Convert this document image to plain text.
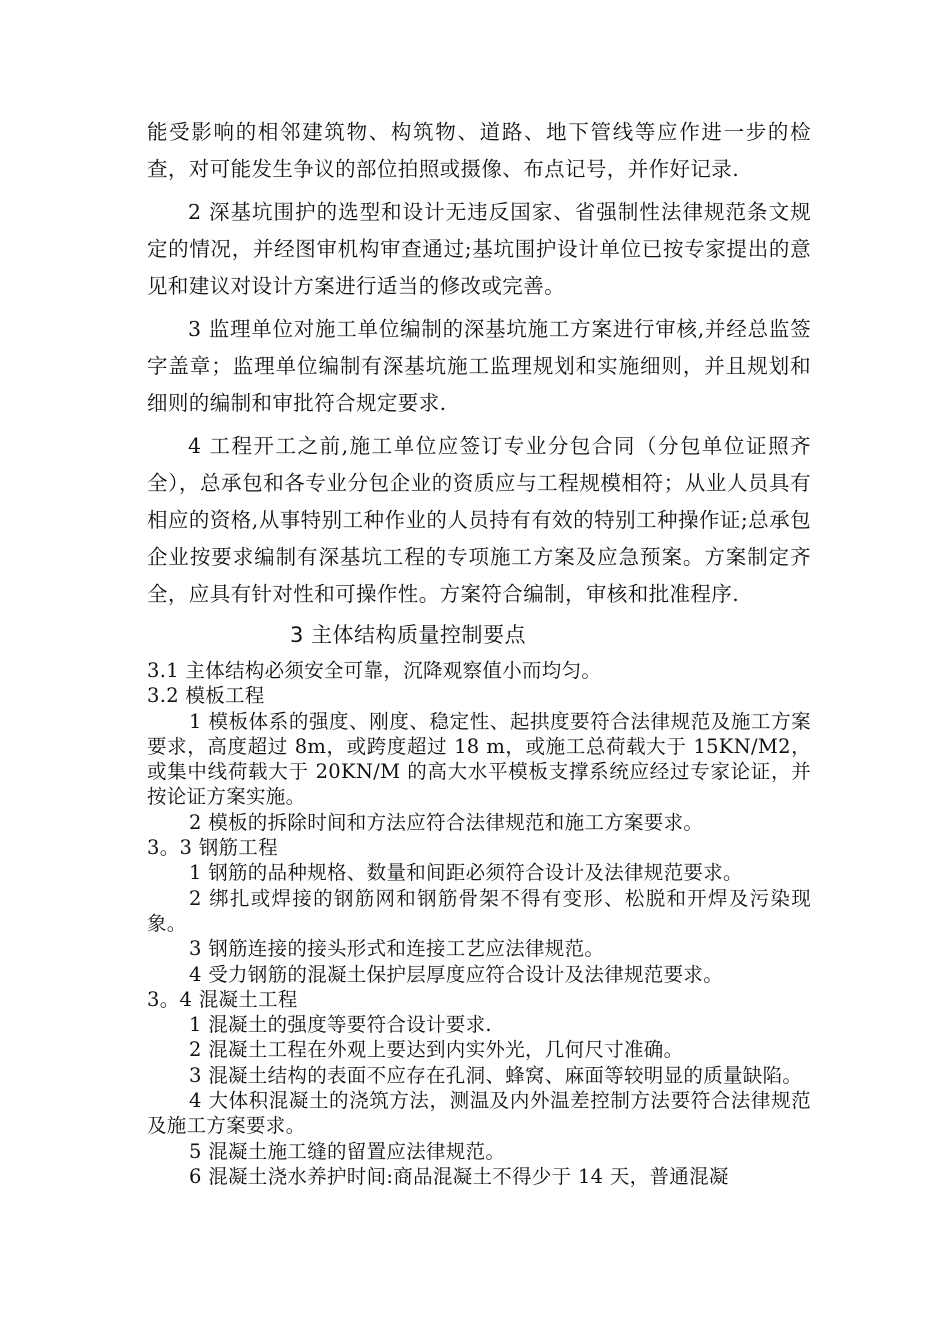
能受影响的相邻建筑物、构筑物、道路、地下管线等应作进一步的检查，对可能发生争议的部位拍照或摄像、布点记号，并作好记录.

2 深基坑围护的选型和设计无违反国家、省强制性法律规范条文规定的情况，并经图审机构审查通过;基坑围护设计单位已按专家提出的意见和建议对设计方案进行适当的修改或完善。

3 监理单位对施工单位编制的深基坑施工方案进行审核,并经总监签字盖章；监理单位编制有深基坑施工监理规划和实施细则，并且规划和细则的编制和审批符合规定要求.

4 工程开工之前,施工单位应签订专业分包合同（分包单位证照齐全），总承包和各专业分包企业的资质应与工程规模相符；从业人员具有相应的资格,从事特别工种作业的人员持有有效的特别工种操作证;总承包企业按要求编制有深基坑工程的专项施工方案及应急预案。方案制定齐全，应具有针对性和可操作性。方案符合编制，审核和批准程序.

3 主体结构质量控制要点

3.1 主体结构必须安全可靠，沉降观察值小而均匀。

3.2 模板工程

1 模板体系的强度、刚度、稳定性、起拱度要符合法律规范及施工方案要求，高度超过 8m，或跨度超过 18 m，或施工总荷载大于 15KN/M2，或集中线荷载大于 20KN/M 的高大水平模板支撑系统应经过专家论证，并按论证方案实施。

2 模板的拆除时间和方法应符合法律规范和施工方案要求。

3。3 钢筋工程

1 钢筋的品种规格、数量和间距必须符合设计及法律规范要求。

2 绑扎或焊接的钢筋网和钢筋骨架不得有变形、松脱和开焊及污染现象。

3 钢筋连接的接头形式和连接工艺应法律规范。

4 受力钢筋的混凝土保护层厚度应符合设计及法律规范要求。

3。4 混凝土工程

1 混凝土的强度等要符合设计要求.

2 混凝土工程在外观上要达到内实外光，几何尺寸准确。

3 混凝土结构的表面不应存在孔洞、蜂窝、麻面等较明显的质量缺陷。

4 大体积混凝土的浇筑方法，测温及内外温差控制方法要符合法律规范及施工方案要求。

5 混凝土施工缝的留置应法律规范。

6 混凝土浇水养护时间:商品混凝土不得少于 14 天，普通混凝
